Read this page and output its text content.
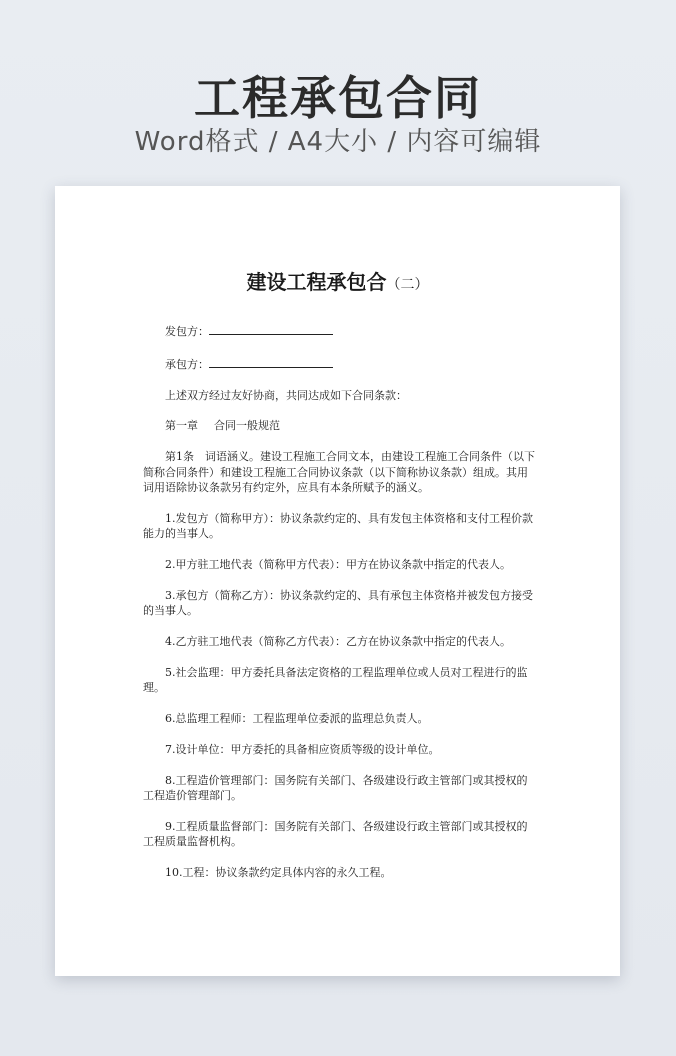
工程承包合同
Word格式 / A4大小 / 内容可编辑
建设工程承包合（二）

发包方：

承包方：

上述双方经过友好协商，共同达成如下合同条款：

第一章 合同一般规范

第1条　词语涵义。建设工程施工合同文本，由建设工程施工合同条件（以下简称合同条件）和建设工程施工合同协议条款（以下简称协议条款）组成。其用词用语除协议条款另有约定外，应具有本条所赋予的涵义。

1.发包方（简称甲方）：协议条款约定的、具有发包主体资格和支付工程价款能力的当事人。

2.甲方驻工地代表（简称甲方代表）：甲方在协议条款中指定的代表人。

3.承包方（简称乙方）：协议条款约定的、具有承包主体资格并被发包方接受的当事人。

4.乙方驻工地代表（简称乙方代表）：乙方在协议条款中指定的代表人。

5.社会监理：甲方委托具备法定资格的工程监理单位或人员对工程进行的监理。

6.总监理工程师：工程监理单位委派的监理总负责人。

7.设计单位：甲方委托的具备相应资质等级的设计单位。

8.工程造价管理部门：国务院有关部门、各级建设行政主管部门或其授权的工程造价管理部门。

9.工程质量监督部门：国务院有关部门、各级建设行政主管部门或其授权的工程质量监督机构。

10.工程：协议条款约定具体内容的永久工程。
